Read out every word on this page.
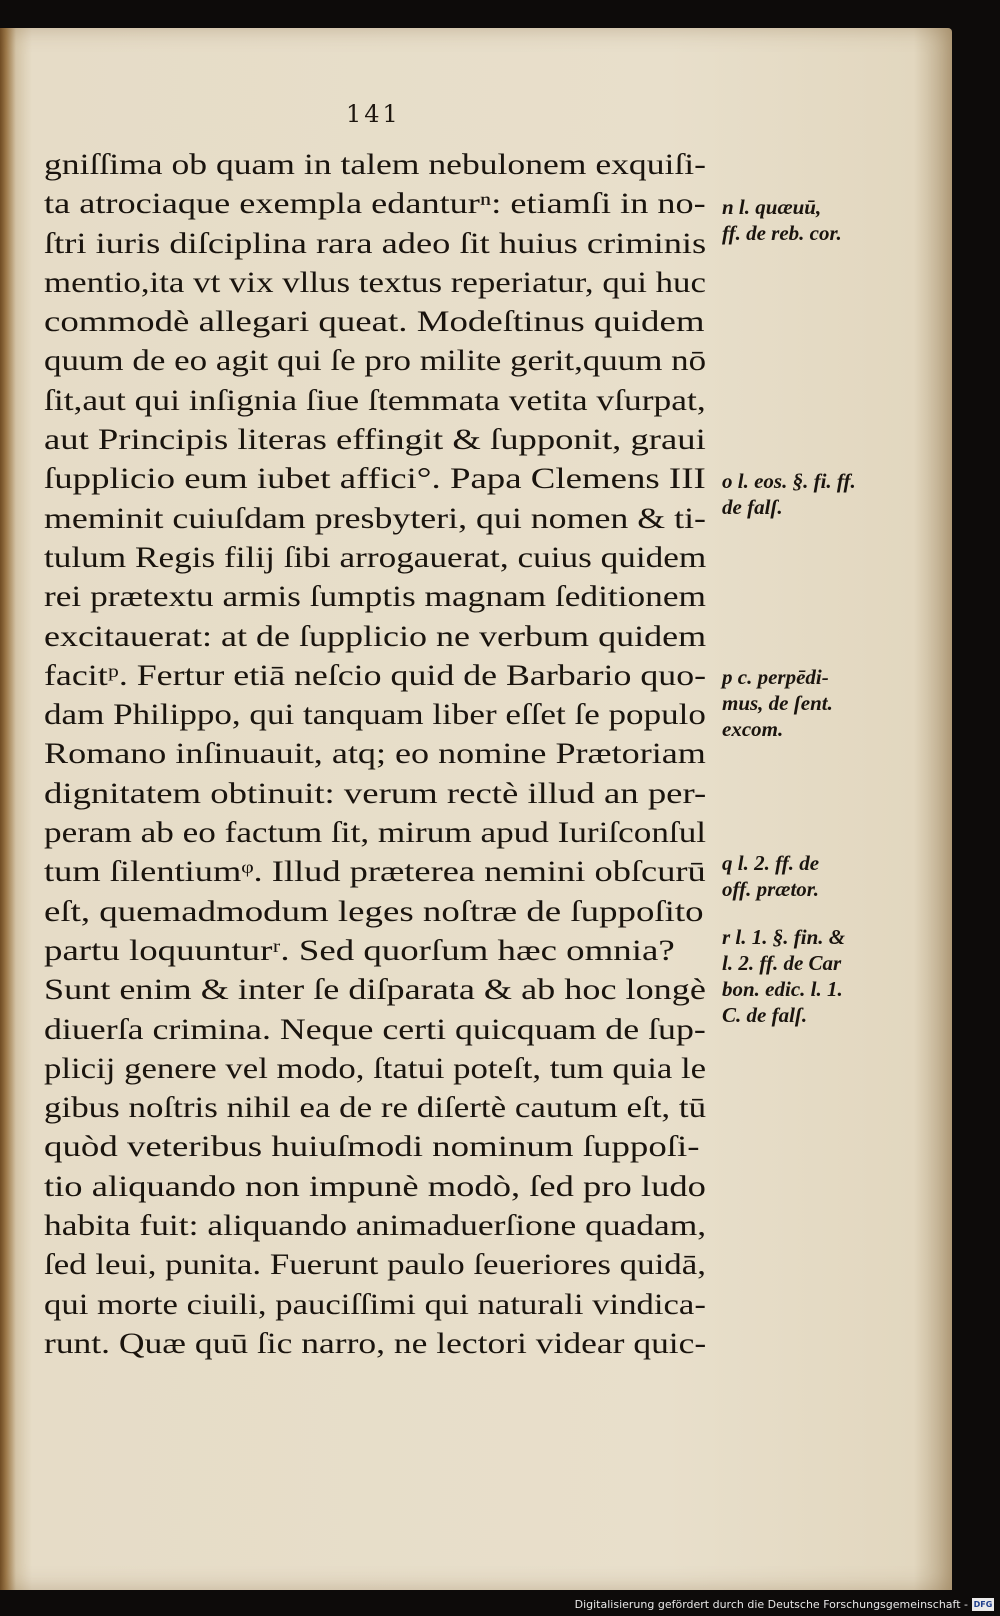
141
gniſſima ob quam in talem nebulonem exquiſi-
ta atrociaque exempla edanturⁿ: etiamſi in no-
ſtri iuris diſciplina rara adeo ſit huius criminis
mentio,ita vt vix vllus textus reperiatur, qui huc
commodè allegari queat. Modeſtinus quidem
quum de eo agit qui ſe pro milite gerit,quum nō
ſit,aut qui inſignia ſiue ſtemmata vetita vſurpat,
aut Principis literas effingit & ſupponit, graui
ſupplicio eum iubet affici°. Papa Clemens III
meminit cuiuſdam presbyteri, qui nomen & ti-
tulum Regis filij ſibi arrogauerat, cuius quidem
rei prætextu armis ſumptis magnam ſeditionem
excitauerat: at de ſupplicio ne verbum quidem
facitᵖ. Fertur etiā neſcio quid de Barbario quo-
dam Philippo, qui tanquam liber eſſet ſe populo
Romano inſinuauit, atq; eo nomine Prætoriam
dignitatem obtinuit: verum rectè illud an per-
peram ab eo factum ſit, mirum apud Iuriſconſul
tum ſilentiumᵠ. Illud præterea nemini obſcurū
eſt, quemadmodum leges noſtræ de ſuppoſito
partu loquunturʳ. Sed quorſum hæc omnia?
Sunt enim & inter ſe diſparata & ab hoc longè
diuerſa crimina. Neque certi quicquam de ſup-
plicij genere vel modo, ſtatui poteſt, tum quia le
gibus noſtris nihil ea de re diſertè cautum eſt, tū
quòd veteribus huiuſmodi nominum ſuppoſi-
tio aliquando non impunè modò, ſed pro ludo
habita fuit: aliquando animaduerſione quadam,
ſed leui, punita. Fuerunt paulo ſeueriores quidā,
qui morte ciuili, pauciſſimi qui naturali vindica-
runt. Quæ quū ſic narro, ne lectori videar quic-
n l. quæuū,
ff. de reb. cor.
o l. eos. §. fi. ff.
de falſ.
p c. perpēdi-
mus, de ſent.
excom.
q l. 2. ff. de
off. prætor.
r l. 1. §. fin. &
l. 2. ff. de Car
bon. edic. l. 1.
C. de falſ.
Digitalisierung gefördert durch die Deutsche Forschungsgemeinschaft - DFG
